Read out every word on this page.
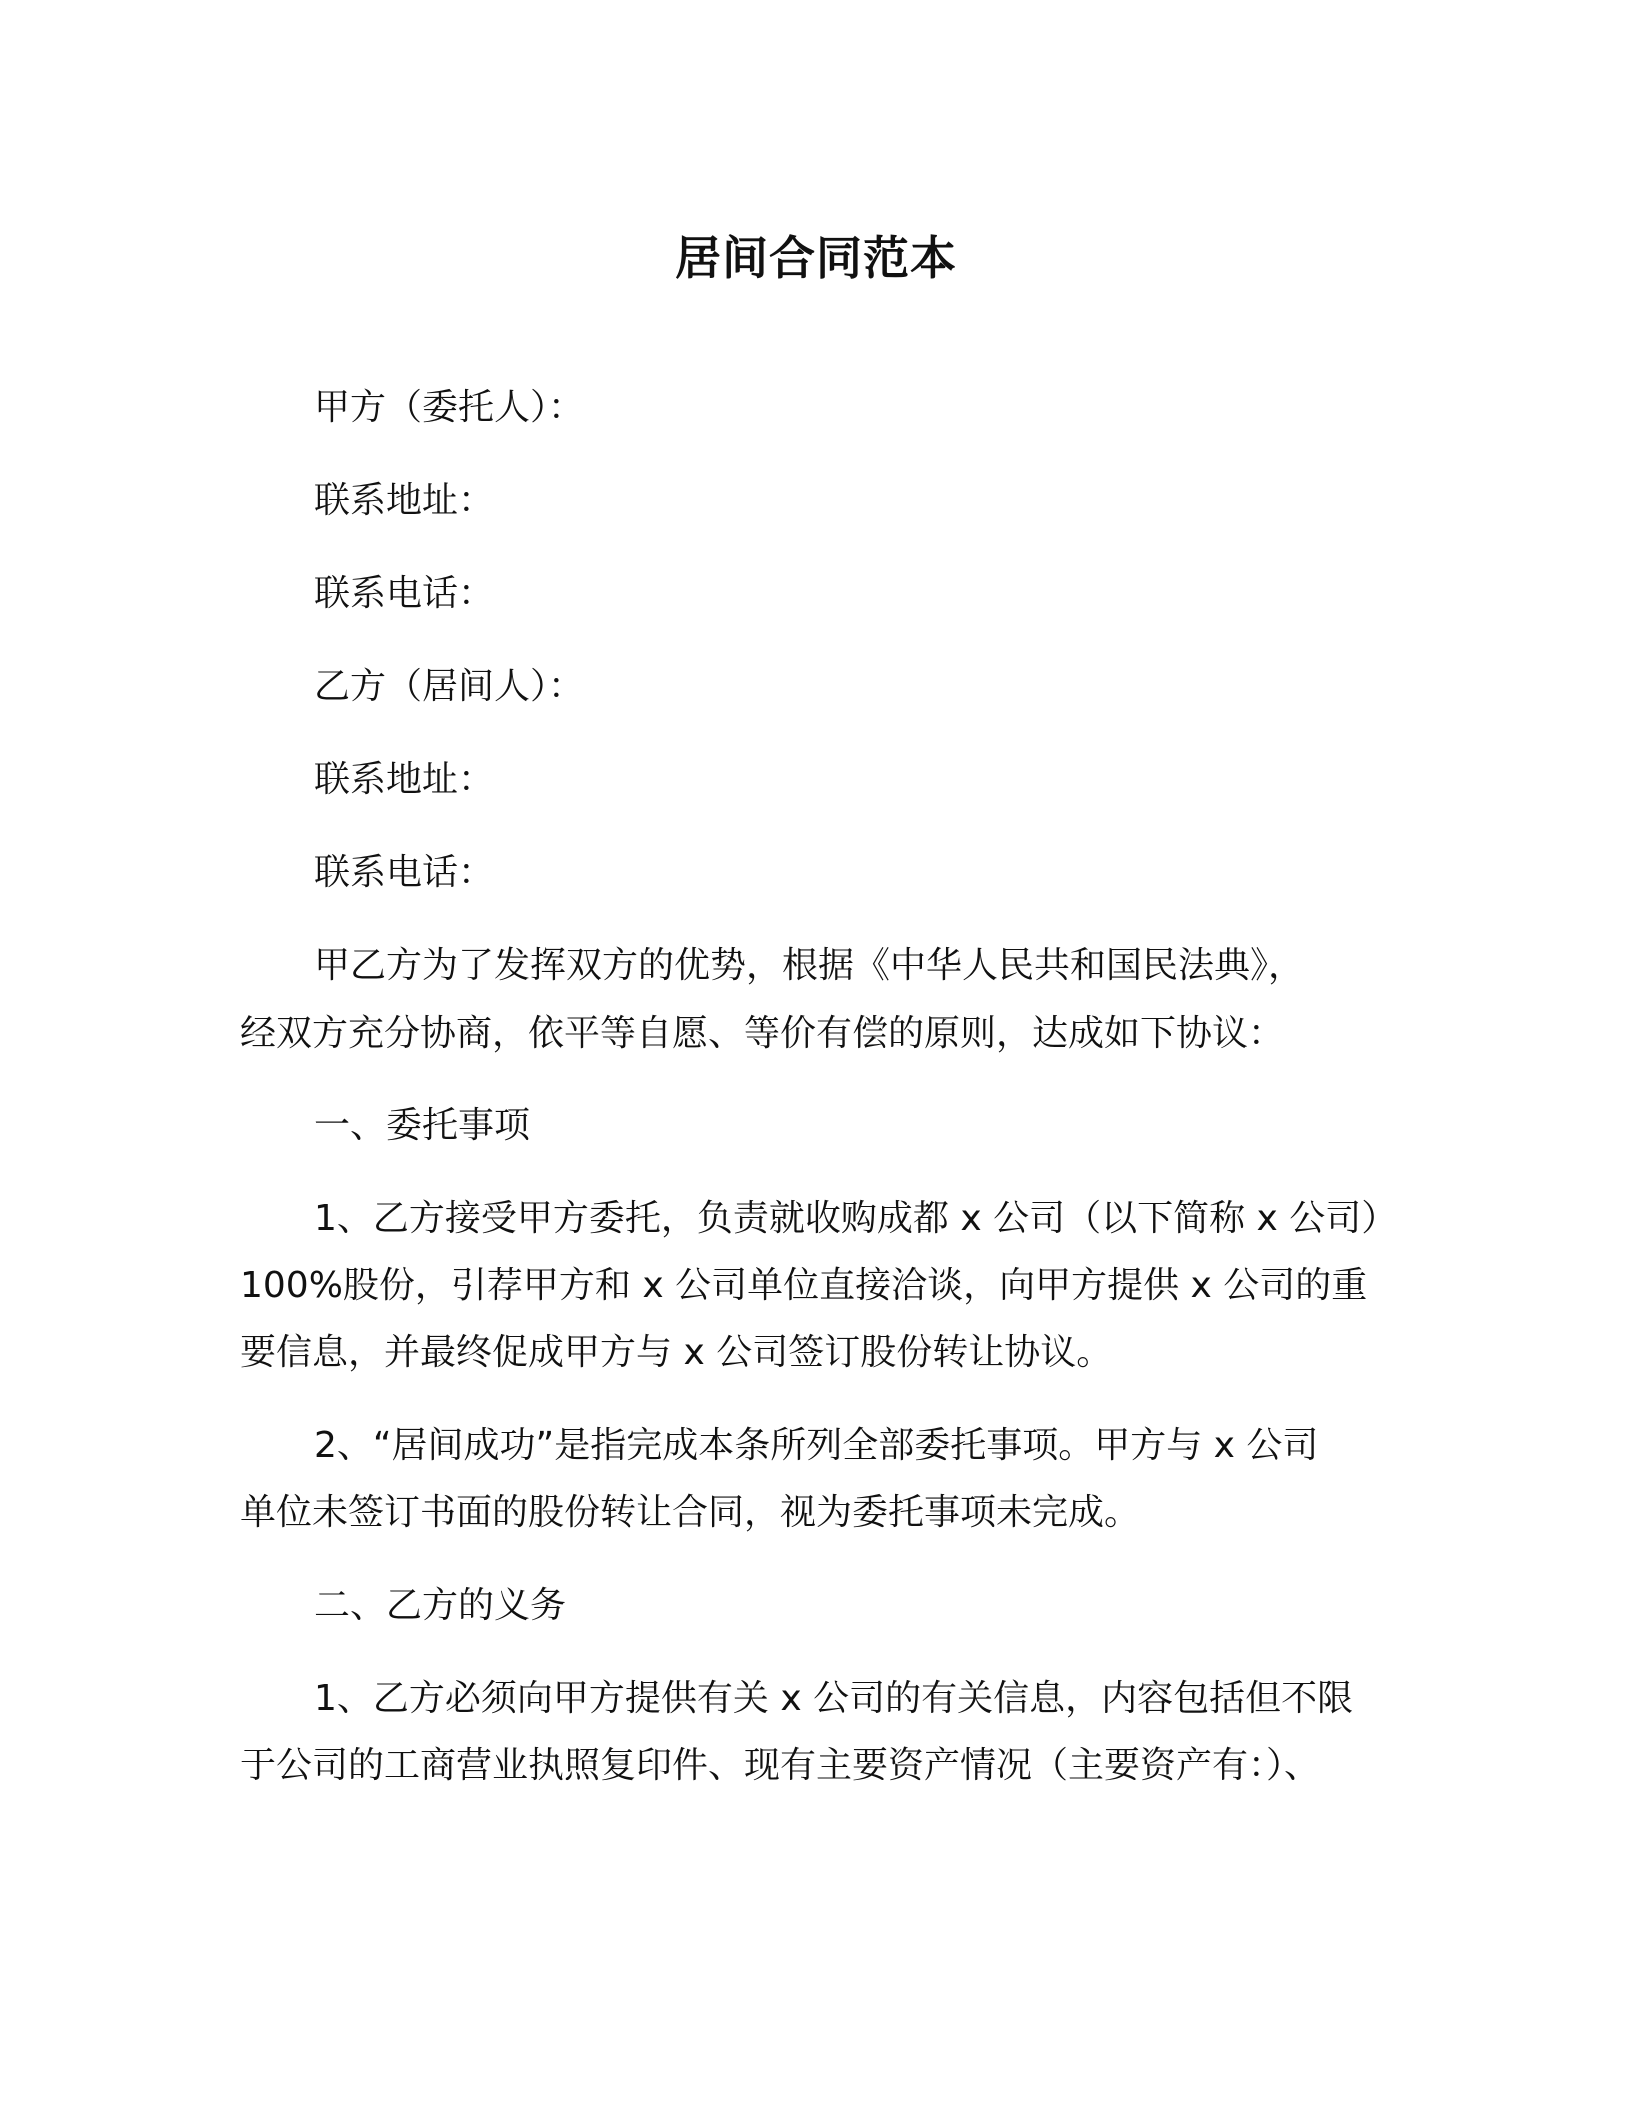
居间合同范本
甲方（委托人）：
联系地址：
联系电话：
乙方（居间人）：
联系地址：
联系电话：
甲乙方为了发挥双方的优势，根据《中华人民共和国民法典》，
经双方充分协商，依平等自愿、等价有偿的原则，达成如下协议：
一、委托事项
1、乙方接受甲方委托，负责就收购成都 x 公司（以下简称 x 公司）
100%股份，引荐甲方和 x 公司单位直接洽谈，向甲方提供 x 公司的重
要信息，并最终促成甲方与 x 公司签订股份转让协议。
2、“居间成功”是指完成本条所列全部委托事项。甲方与 x 公司
单位未签订书面的股份转让合同，视为委托事项未完成。
二、乙方的义务
1、乙方必须向甲方提供有关 x 公司的有关信息，内容包括但不限
于公司的工商营业执照复印件、现有主要资产情况（主要资产有：）、
